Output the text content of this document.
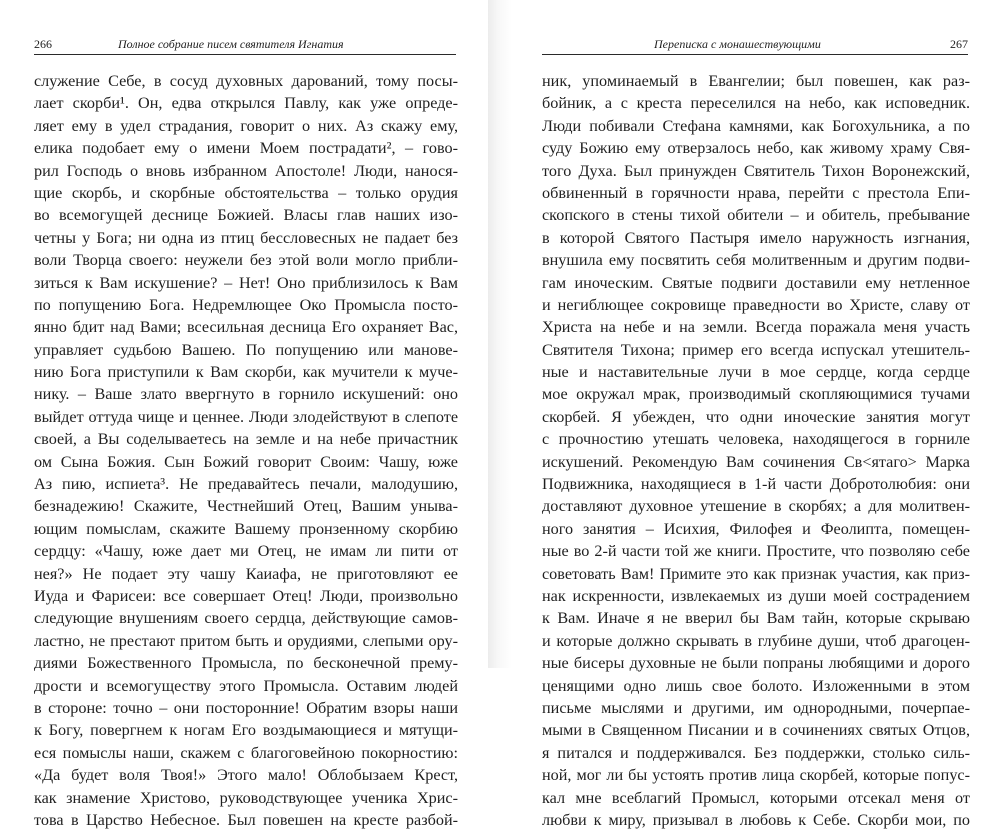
266	Полное собрание писем святителя Игнатия
служение Себе, в сосуд духовных дарований, тому посы-
лает скорби¹. Он, едва открылся Павлу, как уже опреде-
ляет ему в удел страдания, говорит о них. Аз скажу ему,
елика подобает ему о имени Моем пострадати², – гово-
рил Господь о вновь избранном Апостоле! Люди, нанося-
щие скорбь, и скорбные обстоятельства – только орудия
во всемогущей деснице Божией. Власы глав наших изо-
четны у Бога; ни одна из птиц бессловесных не падает без
воли Творца своего: неужели без этой воли могло прибли-
зиться к Вам искушение? – Нет! Оно приблизилось к Вам
по попущению Бога. Недремлющее Око Промысла посто-
янно бдит над Вами; всесильная десница Его охраняет Вас,
управляет судьбою Вашею. По попущению или манове-
нию Бога приступили к Вам скорби, как мучители к муче-
нику. – Ваше злато ввергнуто в горнило искушений: оно
выйдет оттуда чище и ценнее. Люди злодействуют в слепоте
своей, а Вы соделываетесь на земле и на небе причастник
ом Сына Божия. Сын Божий говорит Своим: Чашу, юже
Аз пию, испиета³. Не предавайтесь печали, малодушию,
безнадежию! Скажите, Честнейший Отец, Вашим уныва-
ющим помыслам, скажите Вашему пронзенному скорбию
сердцу: «Чашу, юже дает ми Отец, не имам ли пити от
нея?» Не подает эту чашу Каиафа, не приготовляют ее
Иуда и Фарисеи: все совершает Отец! Люди, произвольно
следующие внушениям своего сердца, действующие самов-
ластно, не престают притом быть и орудиями, слепыми ору-
диями Божественного Промысла, по бесконечной прему-
дрости и всемогуществу этого Промысла. Оставим людей
в стороне: точно – они посторонние! Обратим взоры наши
к Богу, повергнем к ногам Его воздымающиеся и мятущи-
еся помыслы наши, скажем с благоговейною покорностию:
«Да будет воля Твоя!» Этого мало! Облобызаем Крест,
как знамение Христово, руководствующее ученика Хрис-
това в Царство Небесное. Был повешен на кресте разбой-
Переписка с монашествующими	267
ник, упоминаемый в Евангелии; был повешен, как раз-
бойник, а с креста переселился на небо, как исповедник.
Люди побивали Стефана камнями, как Богохульника, а по
суду Божию ему отверзалось небо, как живому храму Свя-
того Духа. Был принужден Святитель Тихон Воронежский,
обвиненный в горячности нрава, перейти с престола Епи-
скопского в стены тихой обители – и обитель, пребывание
в которой Святого Пастыря имело наружность изгнания,
внушила ему посвятить себя молитвенным и другим подви-
гам иноческим. Святые подвиги доставили ему нетленное
и негиблющее сокровище праведности во Христе, славу от
Христа на небе и на земли. Всегда поражала меня участь
Святителя Тихона; пример его всегда испускал утешитель-
ные и наставительные лучи в мое сердце, когда сердце
мое окружал мрак, производимый скопляющимися тучами
скорбей. Я убежден, что одни иноческие занятия могут
с прочностию утешать человека, находящегося в горниле
искушений. Рекомендую Вам сочинения Св<ятаго> Марка
Подвижника, находящиеся в 1-й части Добротолюбия: они
доставляют духовное утешение в скорбях; а для молитвен-
ного занятия – Исихия, Филофея и Феолипта, помещен-
ные во 2-й части той же книги. Простите, что позволяю себе
советовать Вам! Примите это как признак участия, как приз-
нак искренности, извлекаемых из души моей сострадением
к Вам. Иначе я не вверил бы Вам тайн, которые скрываю
и которые должно скрывать в глубине души, чтоб драгоцен-
ные бисеры духовные не были попраны любящими и дорого
ценящими одно лишь свое болото. Изложенными в этом
письме мыслями и другими, им однородными, почерпае-
мыми в Священном Писании и в сочинениях святых Отцов,
я питался и поддерживался. Без поддержки, столько силь-
ной, мог ли бы устоять против лица скорбей, которые попус-
кал мне всеблагий Промысл, которыми отсекал меня от
любви к миру, призывал в любовь к Себе. Скорби мои, по
